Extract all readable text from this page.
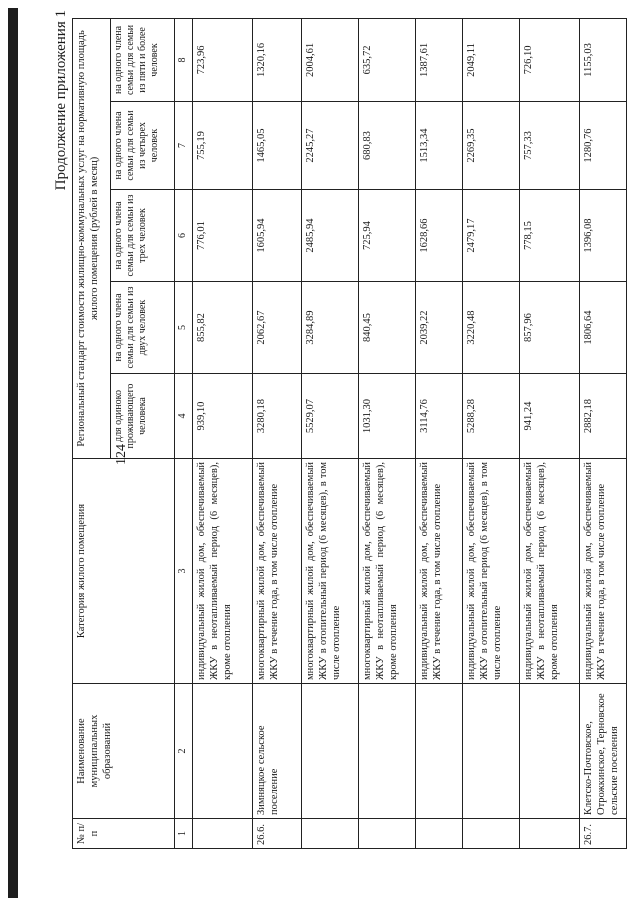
124
Продолжение приложения 1
№ п/п	Наименование муниципальных образований	Категория жилого помещения	Региональный стандарт стоимости жилищно-коммунальных услуг на нормативную площадь жилого помещения (рублей в месяц)				
			для одиноко проживающего человека	на одного члена семьи для семьи из двух человек	на одного члена семьи для семьи из трех человек	на одного члена семьи для семьи из четырех человек	на одного члена семьи для семьи из пяти и более человек
1	2	3	4	5	6	7	8
		индивидуальный жилой дом, обеспечиваемый ЖКУ в неотапливаемый период (6 месяцев), кроме отопления	939,10	855,82	776,01	755,19	723,96
26.6.	Зимняцкое сельское поселение	многоквартирный жилой дом, обеспечиваемый ЖКУ в течение года, в том числе отопление	3280,18	2062,67	1605,94	1465,05	1320,16
		многоквартирный жилой дом, обеспечиваемый ЖКУ в отопительный период (6 месяцев), в том числе отопление	5529,07	3284,89	2485,94	2245,27	2004,61
		многоквартирный жилой дом, обеспечиваемый ЖКУ в неотапливаемый период (6 месяцев), кроме отопления	1031,30	840,45	725,94	680,83	635,72
		индивидуальный жилой дом, обеспечиваемый ЖКУ в течение года, в том числе отопление	3114,76	2039,22	1628,66	1513,34	1387,61
		индивидуальный жилой дом, обеспечиваемый ЖКУ в отопительный период (6 месяцев), в том числе отопление	5288,28	3220,48	2479,17	2269,35	2049,11
		индивидуальный жилой дом, обеспечиваемый ЖКУ в неотапливаемый период (6 месяцев), кроме отопления	941,24	857,96	778,15	757,33	726,10
26.7.	Клетско-Почтовское, Отрожкинское, Терновское сельские поселения	индивидуальный жилой дом, обеспечиваемый ЖКУ в течение года, в том числе отопление	2882,18	1806,64	1396,08	1280,76	1155,03
